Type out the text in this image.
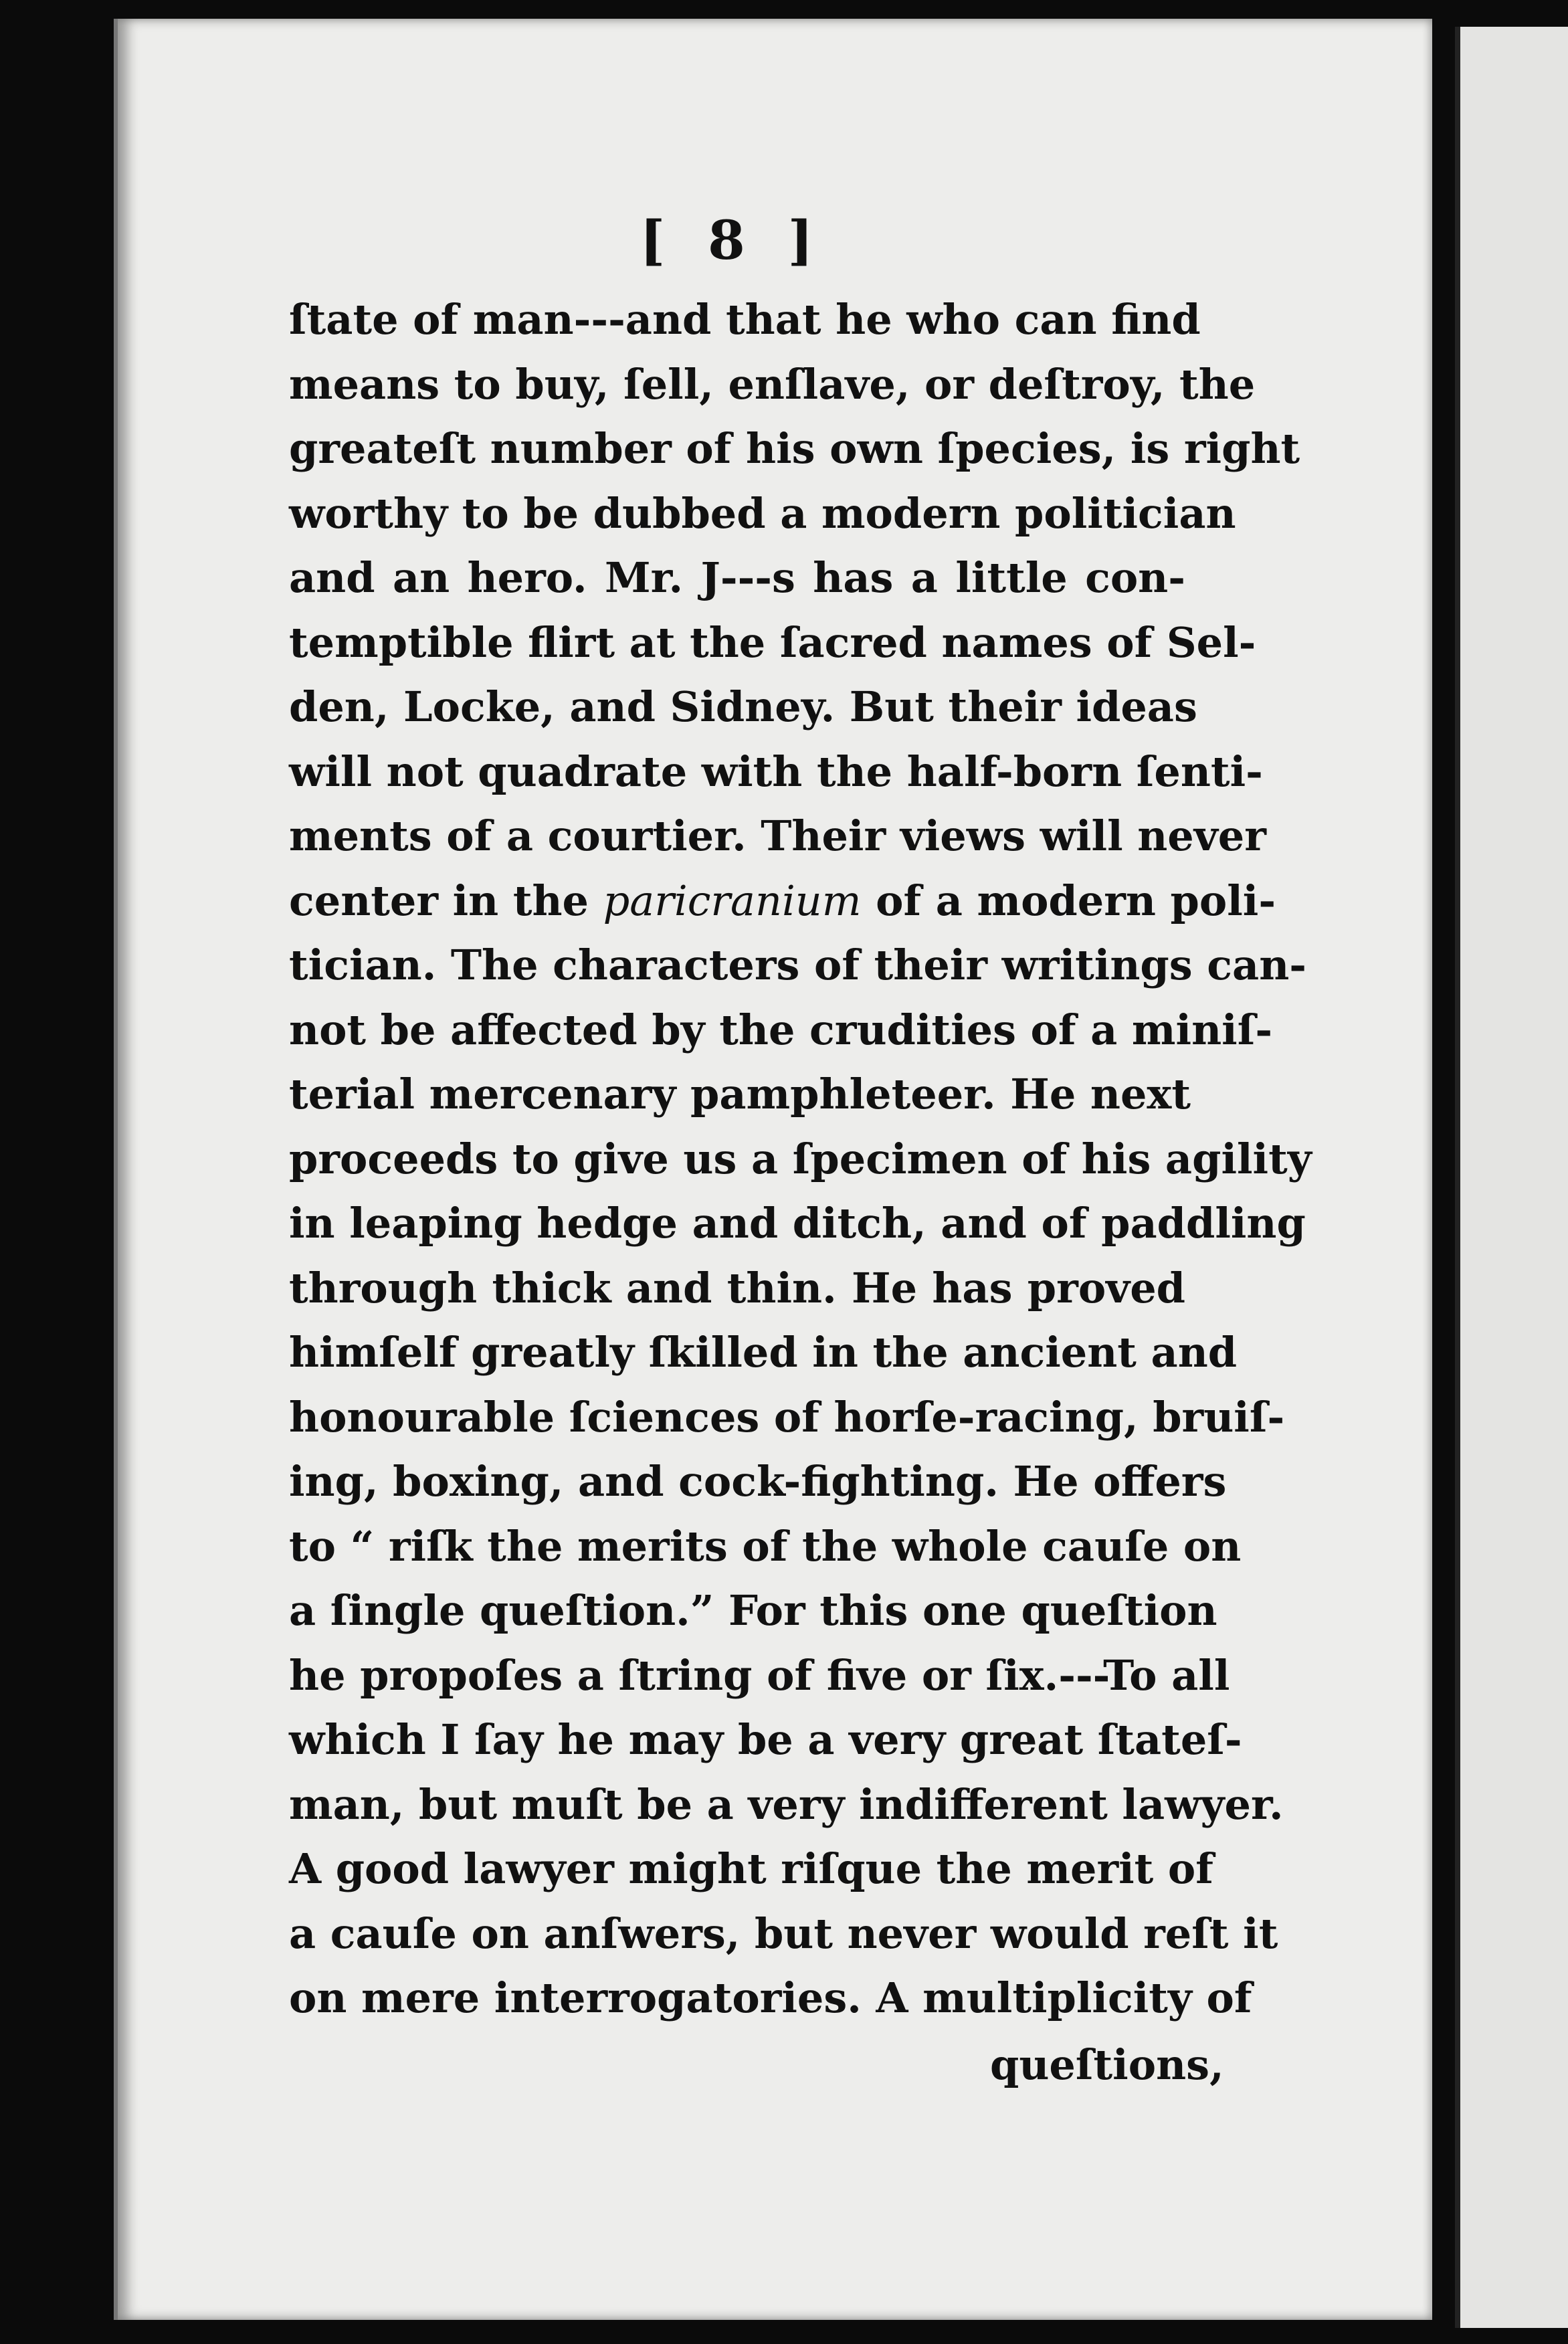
[ 8 ]
ſtate of man---and that he who can find
means to buy, ſell, enſlave, or deſtroy, the
greateſt number of his own ſpecies, is right
worthy to be dubbed a modern politician
and an hero. Mr. J---s has a little con-
temptible flirt at the ſacred names of Sel-
den, Locke, and Sidney. But their ideas
will not quadrate with the half-born ſenti-
ments of a courtier. Their views will never
center in the paricranium of a modern poli-
tician. The characters of their writings can-
not be affected by the crudities of a miniſ-
terial mercenary pamphleteer. He next
proceeds to give us a ſpecimen of his agility
in leaping hedge and ditch, and of paddling
through thick and thin. He has proved
himſelf greatly ſkilled in the ancient and
honourable ſciences of horſe-racing, bruiſ-
ing, boxing, and cock-fighting. He offers
to “ riſk the merits of the whole cauſe on
a ſingle queſtion.” For this one queſtion
he propoſes a ſtring of five or ſix.---To all
which I ſay he may be a very great ſtateſ-
man, but muſt be a very indifferent lawyer.
A good lawyer might riſque the merit of
a cauſe on anſwers, but never would reſt it
on mere interrogatories. A multiplicity of
queſtions,
